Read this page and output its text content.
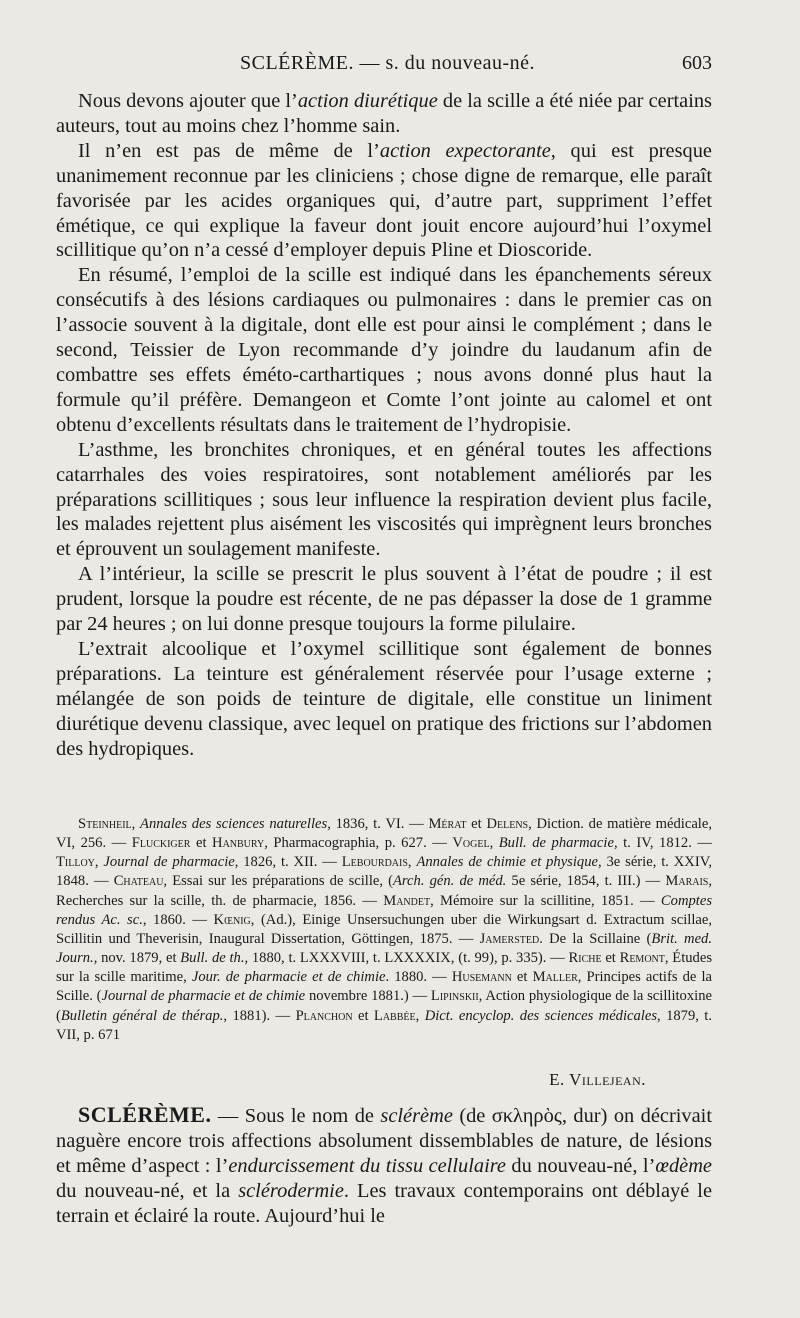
SCLÉRÈME. — s. du nouveau-né.	603

Nous devons ajouter que l’action diurétique de la scille a été niée par certains auteurs, tout au moins chez l’homme sain.

Il n’en est pas de même de l’action expectorante, qui est presque unanimement reconnue par les cliniciens ; chose digne de remarque, elle paraît favorisée par les acides organiques qui, d’autre part, suppriment l’effet émétique, ce qui explique la faveur dont jouit encore aujourd’hui l’oxymel scillitique qu’on n’a cessé d’employer depuis Pline et Dioscoride.

En résumé, l’emploi de la scille est indiqué dans les épanchements séreux consécutifs à des lésions cardiaques ou pulmonaires : dans le premier cas on l’associe souvent à la digitale, dont elle est pour ainsi le complément ; dans le second, Teissier de Lyon recommande d’y joindre du laudanum afin de combattre ses effets éméto-carthartiques ; nous avons donné plus haut la formule qu’il préfère. Demangeon et Comte l’ont jointe au calomel et ont obtenu d’excellents résultats dans le traitement de l’hydropisie.

L’asthme, les bronchites chroniques, et en général toutes les affections catarrhales des voies respiratoires, sont notablement améliorés par les préparations scillitiques ; sous leur influence la respiration devient plus facile, les malades rejettent plus aisément les viscosités qui imprègnent leurs bronches et éprouvent un soulagement manifeste.

A l’intérieur, la scille se prescrit le plus souvent à l’état de poudre ; il est prudent, lorsque la poudre est récente, de ne pas dépasser la dose de 1 gramme par 24 heures ; on lui donne presque toujours la forme pilulaire.

L’extrait alcoolique et l’oxymel scillitique sont également de bonnes préparations. La teinture est généralement réservée pour l’usage externe ; mélangée de son poids de teinture de digitale, elle constitue un liniment diurétique devenu classique, avec lequel on pratique des frictions sur l’abdomen des hydropiques.

Steinheil, Annales des sciences naturelles, 1836, t. VI. — Mérat et Delens, Diction. de matière médicale, VI, 256. — Fluckiger et Hanbury, Pharmacographia, p. 627. — Vogel, Bull. de pharmacie, t. IV, 1812. — Tilloy, Journal de pharmacie, 1826, t. XII. — Lebourdais, Annales de chimie et physique, 3e série, t. XXIV, 1848. — Chateau, Essai sur les préparations de scille, (Arch. gén. de méd. 5e série, 1854, t. III.) — Marais, Recherches sur la scille, th. de pharmacie, 1856. — Mandet, Mémoire sur la scillitine, 1851. — Comptes rendus Ac. sc., 1860. — Kœnig, (Ad.), Einige Unsersuchungen uber die Wirkungsart d. Extractum scillae, Scillitin und Theverisin, Inaugural Dissertation, Göttingen, 1875. — Jamersted. De la Scillaine (Brit. med. Journ., nov. 1879, et Bull. de th., 1880, t. LXXXVIII, t. LXXXXIX, (t. 99), p. 335). — Riche et Remont, Études sur la scille maritime, Jour. de pharmacie et de chimie. 1880. — Husemann et Maller, Principes actifs de la Scille. (Journal de pharmacie et de chimie novembre 1881.) — Lipinskii, Action physiologique de la scillitoxine (Bulletin général de thérap., 1881). — Planchon et Labbée, Dict. encyclop. des sciences médicales, 1879, t. VII, p. 671

E. Villejean.

SCLÉRÈME. — Sous le nom de sclérème (de σκληρὸς, dur) on décrivait naguère encore trois affections absolument dissemblables de nature, de lésions et même d’aspect : l’endurcissement du tissu cellulaire du nouveau-né, l’œdème du nouveau-né, et la sclérodermie. Les travaux contemporains ont déblayé le terrain et éclairé la route. Aujourd’hui le
